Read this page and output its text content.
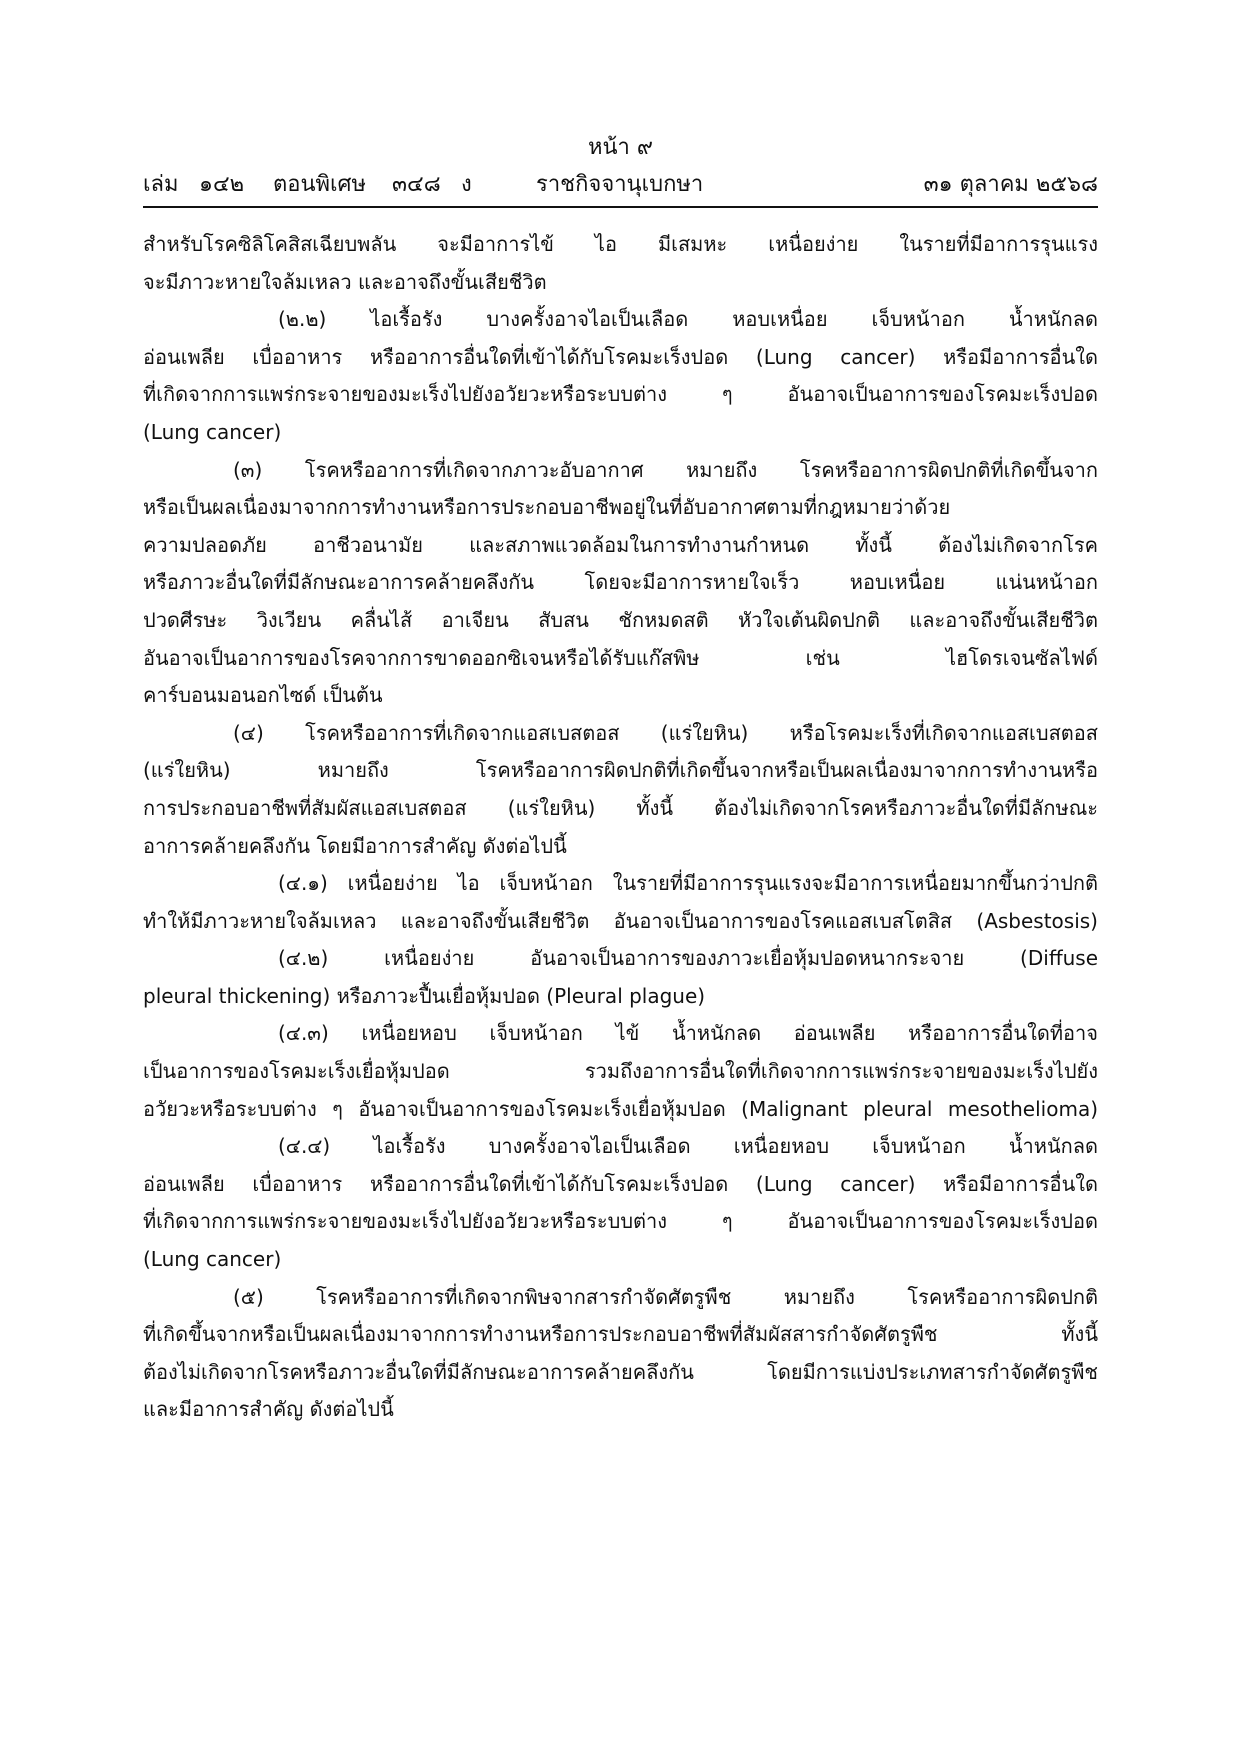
หน้า ๙
เล่ม ๑๔๒ ตอนพิเศษ ๓๔๘ ง	ราชกิจจานุเบกษา	๓๑ ตุลาคม ๒๕๖๘
สำหรับโรคซิลิโคสิสเฉียบพลัน จะมีอาการไข้ ไอ มีเสมหะ เหนื่อยง่าย ในรายที่มีอาการรุนแรง
จะมีภาวะหายใจล้มเหลว และอาจถึงขั้นเสียชีวิต
(๒.๒) ไอเรื้อรัง บางครั้งอาจไอเป็นเลือด หอบเหนื่อย เจ็บหน้าอก น้ำหนักลด
อ่อนเพลีย เบื่ออาหาร หรืออาการอื่นใดที่เข้าได้กับโรคมะเร็งปอด (Lung cancer) หรือมีอาการอื่นใด
ที่เกิดจากการแพร่กระจายของมะเร็งไปยังอวัยวะหรือระบบต่าง ๆ อันอาจเป็นอาการของโรคมะเร็งปอด
(Lung cancer)
(๓) โรคหรืออาการที่เกิดจากภาวะอับอากาศ หมายถึง โรคหรืออาการผิดปกติที่เกิดขึ้นจาก
หรือเป็นผลเนื่องมาจากการทำงานหรือการประกอบอาชีพอยู่ในที่อับอากาศตามที่กฎหมายว่าด้วย
ความปลอดภัย อาชีวอนามัย และสภาพแวดล้อมในการทำงานกำหนด ทั้งนี้ ต้องไม่เกิดจากโรค
หรือภาวะอื่นใดที่มีลักษณะอาการคล้ายคลึงกัน โดยจะมีอาการหายใจเร็ว หอบเหนื่อย แน่นหน้าอก
ปวดศีรษะ วิงเวียน คลื่นไส้ อาเจียน สับสน ชักหมดสติ หัวใจเต้นผิดปกติ และอาจถึงขั้นเสียชีวิต
อันอาจเป็นอาการของโรคจากการขาดออกซิเจนหรือได้รับแก๊สพิษ เช่น ไฮโดรเจนซัลไฟด์
คาร์บอนมอนอกไซด์ เป็นต้น
(๔) โรคหรืออาการที่เกิดจากแอสเบสตอส (แร่ใยหิน) หรือโรคมะเร็งที่เกิดจากแอสเบสตอส
(แร่ใยหิน) หมายถึง โรคหรืออาการผิดปกติที่เกิดขึ้นจากหรือเป็นผลเนื่องมาจากการทำงานหรือ
การประกอบอาชีพที่สัมผัสแอสเบสตอส (แร่ใยหิน) ทั้งนี้ ต้องไม่เกิดจากโรคหรือภาวะอื่นใดที่มีลักษณะ
อาการคล้ายคลึงกัน โดยมีอาการสำคัญ ดังต่อไปนี้
(๔.๑) เหนื่อยง่าย ไอ เจ็บหน้าอก ในรายที่มีอาการรุนแรงจะมีอาการเหนื่อยมากขึ้นกว่าปกติ
ทำให้มีภาวะหายใจล้มเหลว และอาจถึงขั้นเสียชีวิต อันอาจเป็นอาการของโรคแอสเบสโตสิส (Asbestosis)
(๔.๒) เหนื่อยง่าย อันอาจเป็นอาการของภาวะเยื่อหุ้มปอดหนากระจาย (Diffuse
pleural thickening) หรือภาวะปื้นเยื่อหุ้มปอด (Pleural plague)
(๔.๓) เหนื่อยหอบ เจ็บหน้าอก ไข้ น้ำหนักลด อ่อนเพลีย หรืออาการอื่นใดที่อาจ
เป็นอาการของโรคมะเร็งเยื่อหุ้มปอด รวมถึงอาการอื่นใดที่เกิดจากการแพร่กระจายของมะเร็งไปยัง
อวัยวะหรือระบบต่าง ๆ อันอาจเป็นอาการของโรคมะเร็งเยื่อหุ้มปอด (Malignant pleural mesothelioma)
(๔.๔) ไอเรื้อรัง บางครั้งอาจไอเป็นเลือด เหนื่อยหอบ เจ็บหน้าอก น้ำหนักลด
อ่อนเพลีย เบื่ออาหาร หรืออาการอื่นใดที่เข้าได้กับโรคมะเร็งปอด (Lung cancer) หรือมีอาการอื่นใด
ที่เกิดจากการแพร่กระจายของมะเร็งไปยังอวัยวะหรือระบบต่าง ๆ อันอาจเป็นอาการของโรคมะเร็งปอด
(Lung cancer)
(๕) โรคหรืออาการที่เกิดจากพิษจากสารกำจัดศัตรูพืช หมายถึง โรคหรืออาการผิดปกติ
ที่เกิดขึ้นจากหรือเป็นผลเนื่องมาจากการทำงานหรือการประกอบอาชีพที่สัมผัสสารกำจัดศัตรูพืช ทั้งนี้
ต้องไม่เกิดจากโรคหรือภาวะอื่นใดที่มีลักษณะอาการคล้ายคลึงกัน โดยมีการแบ่งประเภทสารกำจัดศัตรูพืช
และมีอาการสำคัญ ดังต่อไปนี้
